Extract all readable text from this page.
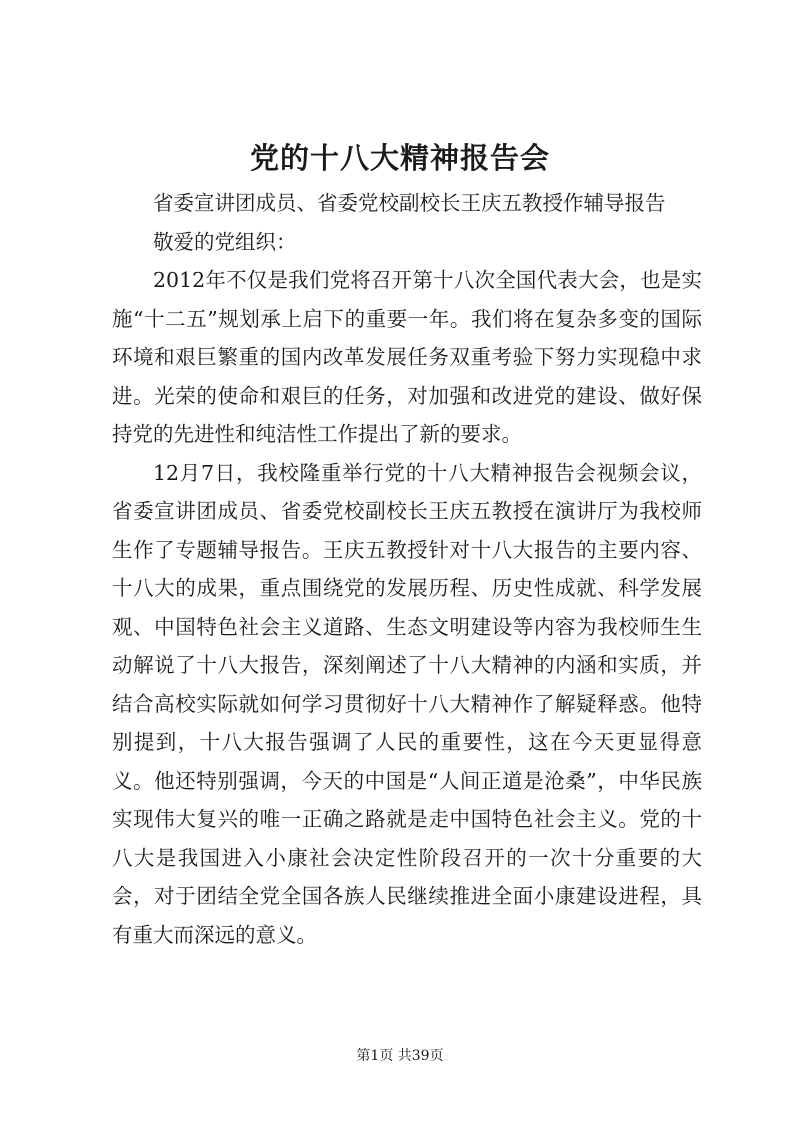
党的十八大精神报告会

省委宣讲团成员、省委党校副校长王庆五教授作辅导报告

敬爱的党组织：

2012年不仅是我们党将召开第十八次全国代表大会，也是实施“十二五”规划承上启下的重要一年。我们将在复杂多变的国际环境和艰巨繁重的国内改革发展任务双重考验下努力实现稳中求进。光荣的使命和艰巨的任务，对加强和改进党的建设、做好保持党的先进性和纯洁性工作提出了新的要求。

12月7日，我校隆重举行党的十八大精神报告会视频会议，省委宣讲团成员、省委党校副校长王庆五教授在演讲厅为我校师生作了专题辅导报告。王庆五教授针对十八大报告的主要内容、十八大的成果，重点围绕党的发展历程、历史性成就、科学发展观、中国特色社会主义道路、生态文明建设等内容为我校师生生动解说了十八大报告，深刻阐述了十八大精神的内涵和实质，并结合高校实际就如何学习贯彻好十八大精神作了解疑释惑。他特别提到，十八大报告强调了人民的重要性，这在今天更显得意义。他还特别强调，今天的中国是“人间正道是沧桑”，中华民族实现伟大复兴的唯一正确之路就是走中国特色社会主义。党的十八大是我国进入小康社会决定性阶段召开的一次十分重要的大会，对于团结全党全国各族人民继续推进全面小康建设进程，具有重大而深远的意义。

第1页 共39页
